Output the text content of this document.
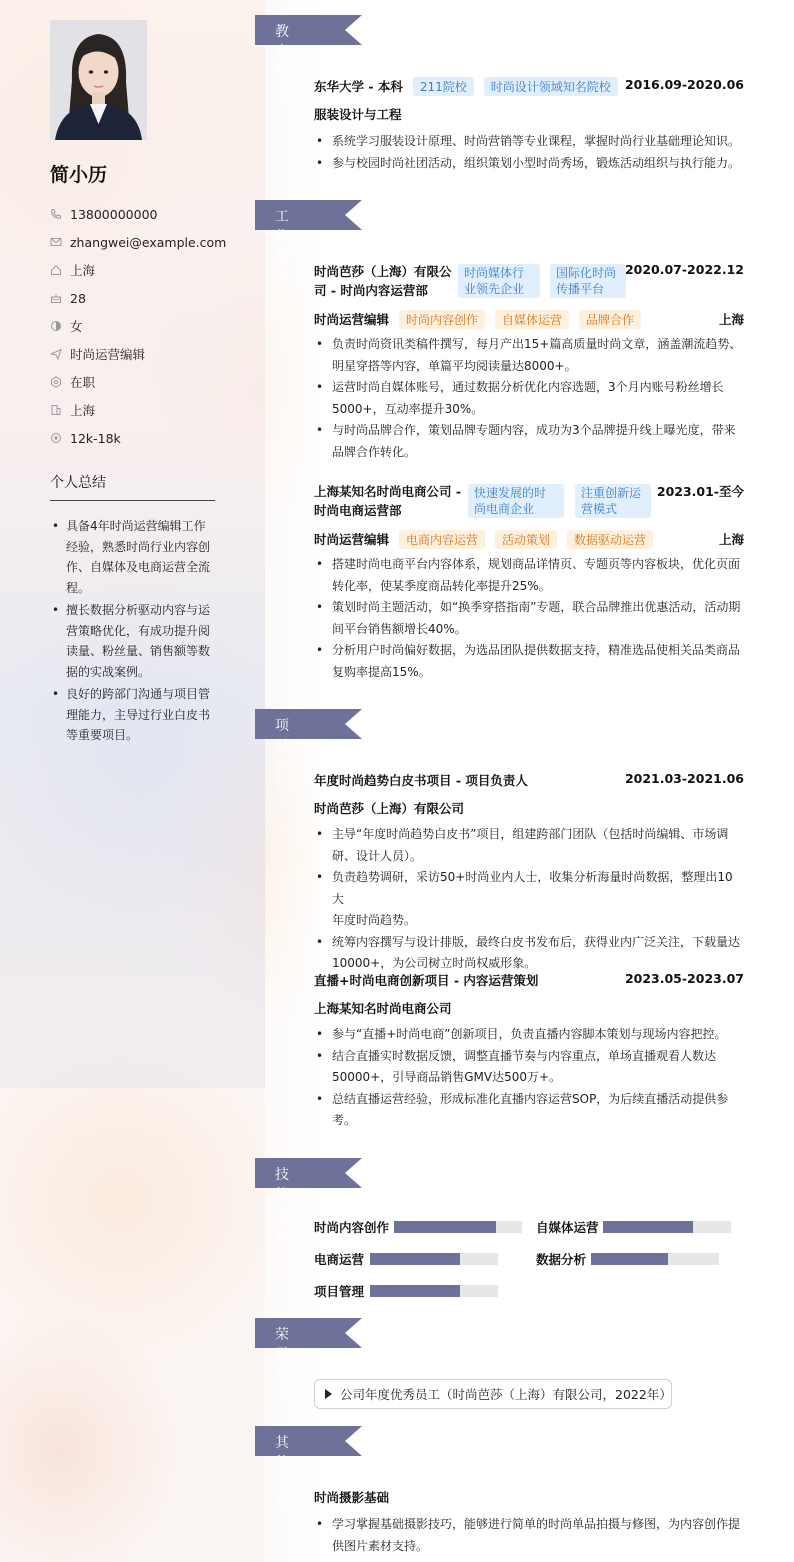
简小历
13800000000
zhangwei@example.com
上海
28
女
时尚运营编辑
在职
上海
12k-18k
个人总结
• 具备4年时尚运营编辑工作经验，熟悉时尚行业内容创作、自媒体及电商运营全流程。
• 擅长数据分析驱动内容与运营策略优化，有成功提升阅读量、粉丝量、销售额等数据的实战案例。
• 良好的跨部门沟通与项目管理能力，主导过行业白皮书等重要项目。
教育经历 东华大学 - 本科 211院校 时尚设计领域知名院校	2016.09-2020.06
服装设计与工程
• 系统学习服装设计原理、时尚营销等专业课程，掌握时尚行业基础理论知识。
• 参与校园时尚社团活动，组织策划小型时尚秀场，锻炼活动组织与执行能力。
工作经历 时尚芭莎（上海）有限公
司 - 时尚内容运营部
时尚媒体行
业领先企业
国际化时尚
传播平台
2020.07-2022.12
时尚运营编辑 时尚内容创作 自媒体运营 品牌合作	上海
• 负责时尚资讯类稿件撰写，每月产出15+篇高质量时尚文章，涵盖潮流趋势、
明星穿搭等内容，单篇平均阅读量达8000+。
• 运营时尚自媒体账号，通过数据分析优化内容选题，3个月内账号粉丝增长
5000+，互动率提升30%。
• 与时尚品牌合作，策划品牌专题内容，成功为3个品牌提升线上曝光度，带来
品牌合作转化。
上海某知名时尚电商公司 -
时尚电商运营部
快速发展的时
尚电商企业
注重创新运
营模式
2023.01-至今
时尚运营编辑 电商内容运营 活动策划 数据驱动运营	上海
• 搭建时尚电商平台内容体系，规划商品详情页、专题页等内容板块，优化页面
转化率，使某季度商品转化率提升25%。
• 策划时尚主题活动，如“换季穿搭指南”专题，联合品牌推出优惠活动，活动期
间平台销售额增长40%。
• 分析用户时尚偏好数据，为选品团队提供数据支持，精准选品使相关品类商品
复购率提高15%。
项目经历 年度时尚趋势白皮书项目 - 项目负责人	2021.03-2021.06
时尚芭莎（上海）有限公司
• 主导“年度时尚趋势白皮书”项目，组建跨部门团队（包括时尚编辑、市场调
研、设计人员）。
• 负责趋势调研，采访50+时尚业内人士，收集分析海量时尚数据，整理出10大
年度时尚趋势。
• 统筹内容撰写与设计排版，最终白皮书发布后，获得业内广泛关注，下载量达
10000+，为公司树立时尚权威形象。
直播+时尚电商创新项目 - 内容运营策划	2023.05-2023.07
上海某知名时尚电商公司
• 参与“直播+时尚电商”创新项目，负责直播内容脚本策划与现场内容把控。
• 结合直播实时数据反馈，调整直播节奏与内容重点，单场直播观看人数达
50000+，引导商品销售GMV达500万+。
• 总结直播运营经验，形成标准化直播内容运营SOP，为后续直播活动提供参
考。
技能专长 时尚内容创作	自媒体运营
电商运营	数据分析
项目管理
荣誉奖项	公司年度优秀员工（时尚芭莎（上海）有限公司，2022年）
其他信息 时尚摄影基础
• 学习掌握基础摄影技巧，能够进行简单的时尚单品拍摄与修图，为内容创作提
供图片素材支持。
